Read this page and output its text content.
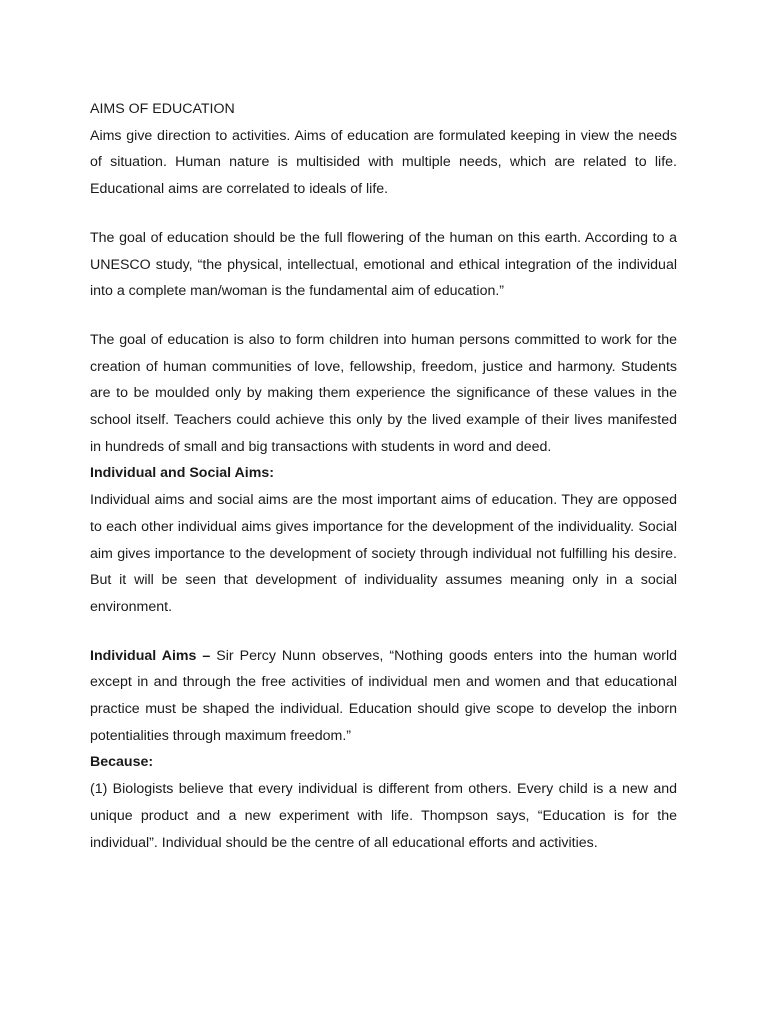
AIMS OF EDUCATION

Aims give direction to activities. Aims of education are formulated keeping in view the needs of situation. Human nature is multisided with multiple needs, which are related to life. Educational aims are correlated to ideals of life.

The goal of education should be the full flowering of the human on this earth. According to a UNESCO study, “the physical, intellectual, emotional and ethical integration of the individual into a complete man/woman is the fundamental aim of education.”

The goal of education is also to form children into human persons committed to work for the creation of human communities of love, fellowship, freedom, justice and harmony. Students are to be moulded only by making them experience the significance of these values in the school itself. Teachers could achieve this only by the lived example of their lives manifested in hundreds of small and big transactions with students in word and deed.

Individual and Social Aims:

Individual aims and social aims are the most important aims of education. They are opposed to each other individual aims gives importance for the development of the individuality. Social aim gives importance to the development of society through individual not fulfilling his desire. But it will be seen that development of individuality assumes meaning only in a social environment.

Individual Aims – Sir Percy Nunn observes, “Nothing goods enters into the human world except in and through the free activities of individual men and women and that educational practice must be shaped the individual. Education should give scope to develop the inborn potentialities through maximum freedom.”

Because:

(1) Biologists believe that every individual is different from others. Every child is a new and unique product and a new experiment with life. Thompson says, “Education is for the individual”. Individual should be the centre of all educational efforts and activities.
